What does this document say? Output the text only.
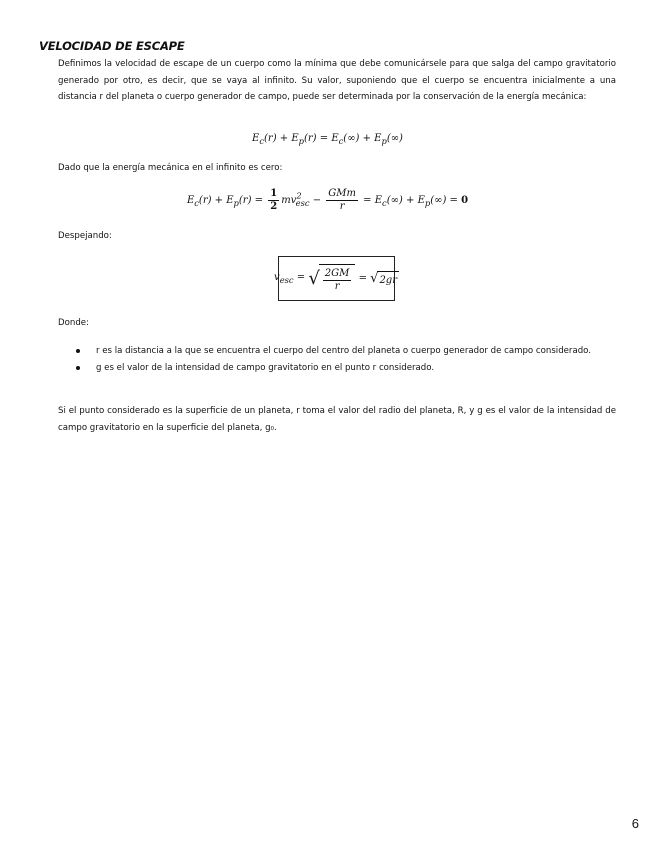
VELOCIDAD DE ESCAPE

Definimos la velocidad de escape de un cuerpo como la mínima que debe comunicársele para que salga del campo gravitatorio generado por otro, es decir, que se vaya al infinito. Su valor, suponiendo que el cuerpo se encuentra inicialmente a una distancia r del planeta o cuerpo generador de campo, puede ser determinada por la conservación de la energía mecánica:

$E_c(r) + E_p(r) = E_c(\infty) + E_p(\infty)$

Dado que la energía mecánica en el infinito es cero:

$E_c(r) + E_p(r) = \frac{1}{2} mv^2_{esc} - \frac{\text{GMm}}{r} = E_c(\infty) + E_p(\infty) = 0$

Despejando:

$v_{esc}$ = √ $\frac{2GM}{r}$ = √ 2gr

Donde:

r es la distancia a la que se encuentra el cuerpo del centro del planeta o cuerpo generador de campo considerado.
g es el valor de la intensidad de campo gravitatorio en el punto r considerado.

Si el punto considerado es la superficie de un planeta, r toma el valor del radio del planeta, R, y g es el valor de la intensidad de campo gravitatorio en la superficie del planeta, g₀.

6
